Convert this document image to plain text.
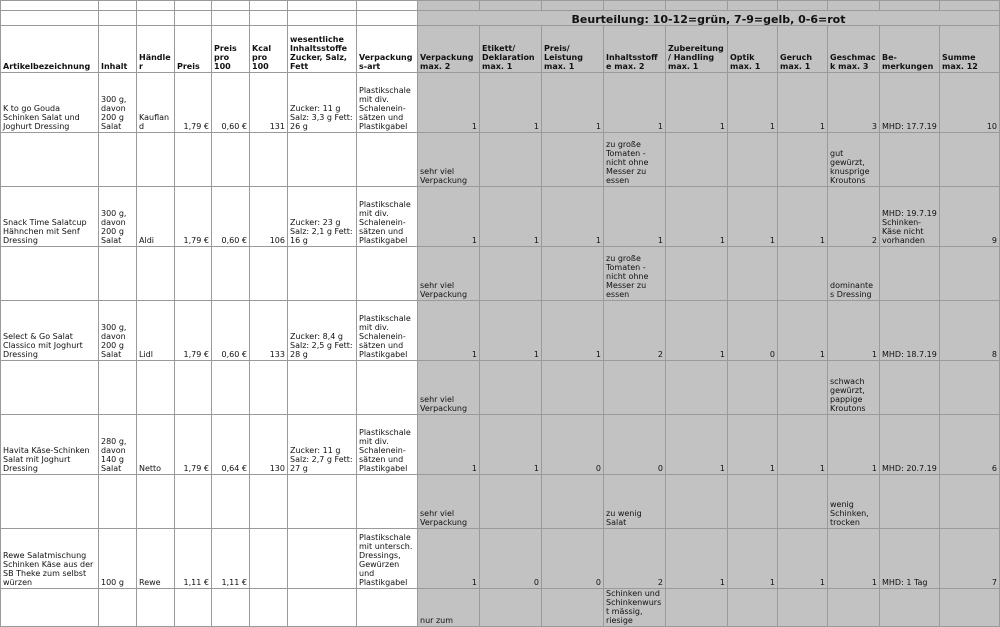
								Beurteilung: 10-12=grün, 7-9=gelb, 0-6=rot									
Artikelbezeichnung	Inhalt	Händler	Preis	Preis pro 100	Kcal pro 100	wesentliche Inhaltsstoffe Zucker, Salz, Fett	Verpackungs-art	Verpackung max. 2	Etikett/ Deklaration max. 1	Preis/ Leistung max. 1	Inhaltsstoffe max. 2	Zubereitung/ Handling max. 1	Optik max. 1	Geruch max. 1	Geschmack max. 3	Be-merkungen	Summe max. 12
K to go Gouda Schinken Salat und Joghurt Dressing	300 g, davon 200 g Salat	Kaufland	1,79 €	0,60 €	131	Zucker: 11 g Salz: 3,3 g Fett: 26 g	Plastikschale mit div. Schalenein-sätzen und Plastikgabel	1	1	1	1	1	1	1	3	MHD: 17.7.19	10
								sehr viel Verpackung			zu große Tomaten - nicht ohne Messer zu essen				gut gewürzt, knusprige Kroutons		
Snack Time Salatcup Hähnchen mit Senf Dressing	300 g, davon 200 g Salat	Aldi	1,79 €	0,60 €	106	Zucker: 23 g Salz: 2,1 g Fett: 16 g	Plastikschale mit div. Schalenein-sätzen und Plastikgabel	1	1	1	1	1	1	1	2	MHD: 19.7.19 Schinken-Käse nicht vorhanden	9
								sehr viel Verpackung			zu große Tomaten - nicht ohne Messer zu essen				dominantes Dressing		
Select & Go Salat Classico mit Joghurt Dressing	300 g, davon 200 g Salat	Lidl	1,79 €	0,60 €	133	Zucker: 8,4 g Salz: 2,5 g Fett: 28 g	Plastikschale mit div. Schalenein-sätzen und Plastikgabel	1	1	1	2	1	0	1	1	MHD: 18.7.19	8
								sehr viel Verpackung							schwach gewürzt, pappige Kroutons		
Havita Käse-Schinken Salat mit Joghurt Dressing	280 g, davon 140 g Salat	Netto	1,79 €	0,64 €	130	Zucker: 11 g Salz: 2,7 g Fett: 27 g	Plastikschale mit div. Schalenein-sätzen und Plastikgabel	1	1	0	0	1	1	1	1	MHD: 20.7.19	6
								sehr viel Verpackung			zu wenig Salat				wenig Schinken, trocken		
Rewe Salatmischung Schinken Käse aus der SB Theke zum selbst würzen	100 g	Rewe	1,11 €	1,11 €			Plastikschale mit untersch. Dressings, Gewürzen und Plastikgabel	1	0	0	2	1	1	1	1	MHD: 1 Tag	7
								nur zum			Schinken und Schinkenwurst mässig, riesige						
